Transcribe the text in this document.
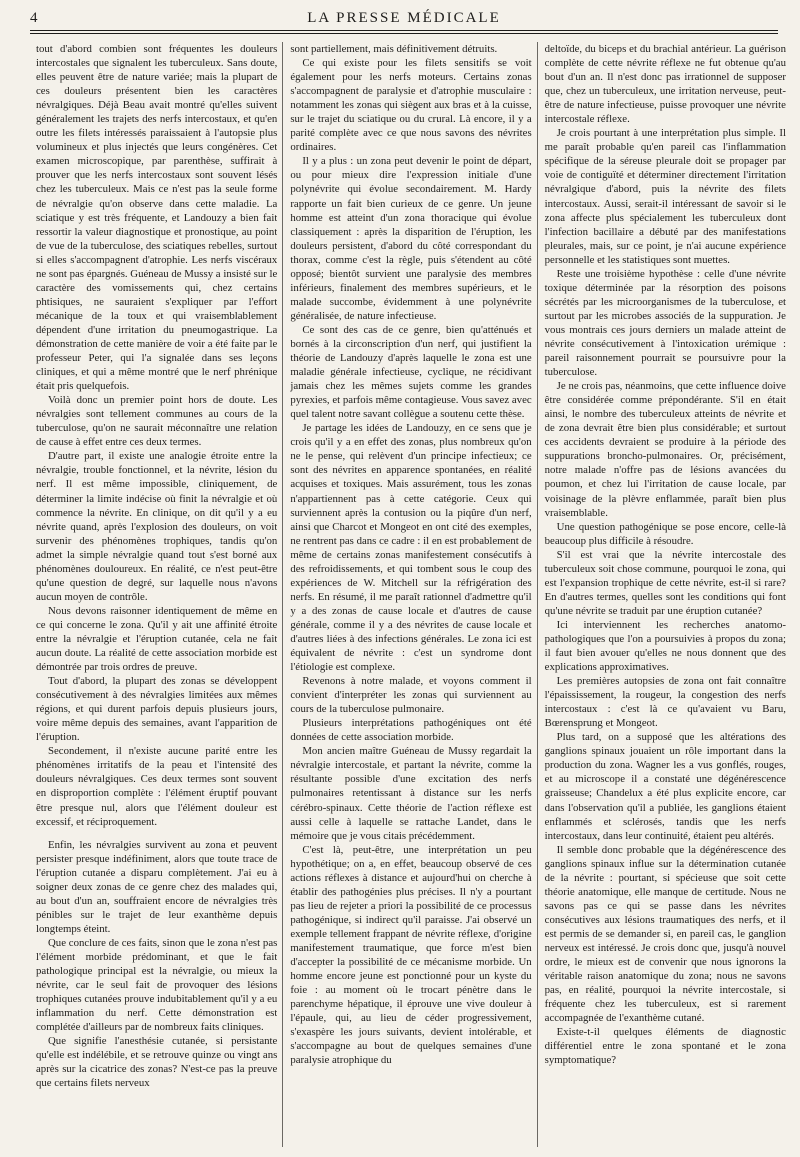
4	LA PRESSE MÉDICALE

tout d'abord combien sont fréquentes les douleurs intercostales que signalent les tuberculeux. Sans doute, elles peuvent être de nature variée; mais la plupart de ces douleurs présentent bien les caractères névralgiques. Déjà Beau avait montré qu'elles suivent généralement les trajets des nerfs intercostaux, et qu'en outre les filets intéressés paraissaient à l'autopsie plus volumineux et plus injectés que leurs congénères. Cet examen microscopique, par parenthèse, suffirait à prouver que les nerfs intercostaux sont souvent lésés chez les tuberculeux. Mais ce n'est pas la seule forme de névralgie qu'on observe dans cette maladie. La sciatique y est très fréquente, et Landouzy a bien fait ressortir la valeur diagnostique et pronostique, au point de vue de la tuberculose, des sciatiques rebelles, surtout si elles s'accompagnent d'atrophie. Les nerfs viscéraux ne sont pas épargnés. Guéneau de Mussy a insisté sur le caractère des vomissements qui, chez certains phtisiques, ne sauraient s'expliquer par l'effort mécanique de la toux et qui vraisemblablement dépendent d'une irritation du pneumogastrique. La démonstration de cette manière de voir a été faite par le professeur Peter, qui l'a signalée dans ses leçons cliniques, et qui a même montré que le nerf phrénique était pris quelquefois.

Voilà donc un premier point hors de doute. Les névralgies sont tellement communes au cours de la tuberculose, qu'on ne saurait méconnaître une relation de cause à effet entre ces deux termes.

D'autre part, il existe une analogie étroite entre la névralgie, trouble fonctionnel, et la névrite, lésion du nerf. Il est même impossible, cliniquement, de déterminer la limite indécise où finit la névralgie et où commence la névrite. En clinique, on dit qu'il y a eu névrite quand, après l'explosion des douleurs, on voit survenir des phénomènes trophiques, tandis qu'on admet la simple névralgie quand tout s'est borné aux phénomènes douloureux. En réalité, ce n'est peut-être qu'une question de degré, sur laquelle nous n'avons aucun moyen de contrôle.

Nous devons raisonner identiquement de même en ce qui concerne le zona. Qu'il y ait une affinité étroite entre la névralgie et l'éruption cutanée, cela ne fait aucun doute. La réalité de cette association morbide est démontrée par trois ordres de preuve.

Tout d'abord, la plupart des zonas se développent consécutivement à des névralgies limitées aux mêmes régions, et qui durent parfois depuis plusieurs jours, voire même depuis des semaines, avant l'apparition de l'éruption.

Secondement, il n'existe aucune parité entre les phénomènes irritatifs de la peau et l'intensité des douleurs névralgiques. Ces deux termes sont souvent en disproportion complète : l'élément éruptif pouvant être presque nul, alors que l'élément douleur est excessif, et réciproquement.

Enfin, les névralgies survivent au zona et peuvent persister presque indéfiniment, alors que toute trace de l'éruption cutanée a disparu complètement. J'ai eu à soigner deux zonas de ce genre chez des malades qui, au bout d'un an, souffraient encore de névralgies très pénibles sur le trajet de leur exanthème depuis longtemps éteint.

Que conclure de ces faits, sinon que le zona n'est pas l'élément morbide prédominant, et que le fait pathologique principal est la névralgie, ou mieux la névrite, car le seul fait de provoquer des lésions trophiques cutanées prouve indubitablement qu'il y a eu inflammation du nerf. Cette démonstration est complétée d'ailleurs par de nombreux faits cliniques.

Que signifie l'anesthésie cutanée, si persistante qu'elle est indélébile, et se retrouve quinze ou vingt ans après sur la cicatrice des zonas? N'est-ce pas la preuve que certains filets nerveux

sont partiellement, mais définitivement détruits.

Ce qui existe pour les filets sensitifs se voit également pour les nerfs moteurs. Certains zonas s'accompagnent de paralysie et d'atrophie musculaire : notamment les zonas qui siègent aux bras et à la cuisse, sur le trajet du sciatique ou du crural. Là encore, il y a parité complète avec ce que nous savons des névrites ordinaires.

Il y a plus : un zona peut devenir le point de départ, ou pour mieux dire l'expression initiale d'une polynévrite qui évolue secondairement. M. Hardy rapporte un fait bien curieux de ce genre. Un jeune homme est atteint d'un zona thoracique qui évolue classiquement : après la disparition de l'éruption, les douleurs persistent, d'abord du côté correspondant du thorax, comme c'est la règle, puis s'étendent au côté opposé; bientôt survient une paralysie des membres inférieurs, finalement des membres supérieurs, et le malade succombe, évidemment à une polynévrite généralisée, de nature infectieuse.

Ce sont des cas de ce genre, bien qu'atténués et bornés à la circonscription d'un nerf, qui justifient la théorie de Landouzy d'après laquelle le zona est une maladie générale infectieuse, cyclique, ne récidivant jamais chez les mêmes sujets comme les grandes pyrexies, et parfois même contagieuse. Vous savez avec quel talent notre savant collègue a soutenu cette thèse.

Je partage les idées de Landouzy, en ce sens que je crois qu'il y a en effet des zonas, plus nombreux qu'on ne le pense, qui relèvent d'un principe infectieux; ce sont des névrites en apparence spontanées, en réalité acquises et toxiques. Mais assurément, tous les zonas n'appartiennent pas à cette catégorie. Ceux qui surviennent après la contusion ou la piqûre d'un nerf, ainsi que Charcot et Mongeot en ont cité des exemples, ne rentrent pas dans ce cadre : il en est probablement de même de certains zonas manifestement consécutifs à des refroidissements, et qui tombent sous le coup des expériences de W. Mitchell sur la réfrigération des nerfs. En résumé, il me paraît rationnel d'admettre qu'il y a des zonas de cause locale et d'autres de cause générale, comme il y a des névrites de cause locale et d'autres liées à des infections générales. Le zona ici est équivalent de névrite : c'est un syndrome dont l'étiologie est complexe.

Revenons à notre malade, et voyons comment il convient d'interpréter les zonas qui surviennent au cours de la tuberculose pulmonaire.

Plusieurs interprétations pathogéniques ont été données de cette association morbide.

Mon ancien maître Guéneau de Mussy regardait la névralgie intercostale, et partant la névrite, comme la résultante possible d'une excitation des nerfs pulmonaires retentissant à distance sur les nerfs cérébro-spinaux. Cette théorie de l'action réflexe est aussi celle à laquelle se rattache Landet, dans le mémoire que je vous citais précédemment.

C'est là, peut-être, une interprétation un peu hypothétique; on a, en effet, beaucoup observé de ces actions réflexes à distance et aujourd'hui on cherche à établir des pathogénies plus précises. Il n'y a pourtant pas lieu de rejeter a priori la possibilité de ce processus pathogénique, si indirect qu'il paraisse. J'ai observé un exemple tellement frappant de névrite réflexe, d'origine manifestement traumatique, que force m'est bien d'accepter la possibilité de ce mécanisme morbide. Un homme encore jeune est ponctionné pour un kyste du foie : au moment où le trocart pénètre dans le parenchyme hépatique, il éprouve une vive douleur à l'épaule, qui, au lieu de céder progressivement, s'exaspère les jours suivants, devient intolérable, et s'accompagne au bout de quelques semaines d'une paralysie atrophique du

deltoïde, du biceps et du brachial antérieur. La guérison complète de cette névrite réflexe ne fut obtenue qu'au bout d'un an. Il n'est donc pas irrationnel de supposer que, chez un tuberculeux, une irritation nerveuse, peut-être de nature infectieuse, puisse provoquer une névrite intercostale réflexe.

Je crois pourtant à une interprétation plus simple. Il me paraît probable qu'en pareil cas l'inflammation spécifique de la séreuse pleurale doit se propager par voie de contiguïté et déterminer directement l'irritation névralgique d'abord, puis la névrite des filets intercostaux. Aussi, serait-il intéressant de savoir si le zona affecte plus spécialement les tuberculeux dont l'infection bacillaire a débuté par des manifestations pleurales, mais, sur ce point, je n'ai aucune expérience personnelle et les statistiques sont muettes.

Reste une troisième hypothèse : celle d'une névrite toxique déterminée par la résorption des poisons sécrétés par les microorganismes de la tuberculose, et surtout par les microbes associés de la suppuration. Je vous montrais ces jours derniers un malade atteint de névrite consécutivement à l'intoxication urémique : pareil raisonnement pourrait se poursuivre pour la tuberculose.

Je ne crois pas, néanmoins, que cette influence doive être considérée comme prépondérante. S'il en était ainsi, le nombre des tuberculeux atteints de névrite et de zona devrait être bien plus considérable; et surtout ces accidents devraient se produire à la période des suppurations broncho-pulmonaires. Or, précisément, notre malade n'offre pas de lésions avancées du poumon, et chez lui l'irritation de cause locale, par voisinage de la plèvre enflammée, paraît bien plus vraisemblable.

Une question pathogénique se pose encore, celle-là beaucoup plus difficile à résoudre.

S'il est vrai que la névrite intercostale des tuberculeux soit chose commune, pourquoi le zona, qui est l'expansion trophique de cette névrite, est-il si rare? En d'autres termes, quelles sont les conditions qui font qu'une névrite se traduit par une éruption cutanée?

Ici interviennent les recherches anatomo-pathologiques que l'on a poursuivies à propos du zona; il faut bien avouer qu'elles ne nous donnent que des explications approximatives.

Les premières autopsies de zona ont fait connaître l'épaississement, la rougeur, la congestion des nerfs intercostaux : c'est là ce qu'avaient vu Baru, Bœrensprung et Mongeot.

Plus tard, on a supposé que les altérations des ganglions spinaux jouaient un rôle important dans la production du zona. Wagner les a vus gonflés, rouges, et au microscope il a constaté une dégénérescence graisseuse; Chandelux a été plus explicite encore, car dans l'observation qu'il a publiée, les ganglions étaient enflammés et sclérosés, tandis que les nerfs intercostaux, dans leur continuité, étaient peu altérés.

Il semble donc probable que la dégénérescence des ganglions spinaux influe sur la détermination cutanée de la névrite : pourtant, si spécieuse que soit cette théorie anatomique, elle manque de certitude. Nous ne savons pas ce qui se passe dans les névrites consécutives aux lésions traumatiques des nerfs, et il est permis de se demander si, en pareil cas, le ganglion nerveux est intéressé. Je crois donc que, jusqu'à nouvel ordre, le mieux est de convenir que nous ignorons la véritable raison anatomique du zona; nous ne savons pas, en réalité, pourquoi la névrite intercostale, si fréquente chez les tuberculeux, est si rarement accompagnée de l'exanthème cutané.

Existe-t-il quelques éléments de diagnostic différentiel entre le zona spontané et le zona symptomatique?
